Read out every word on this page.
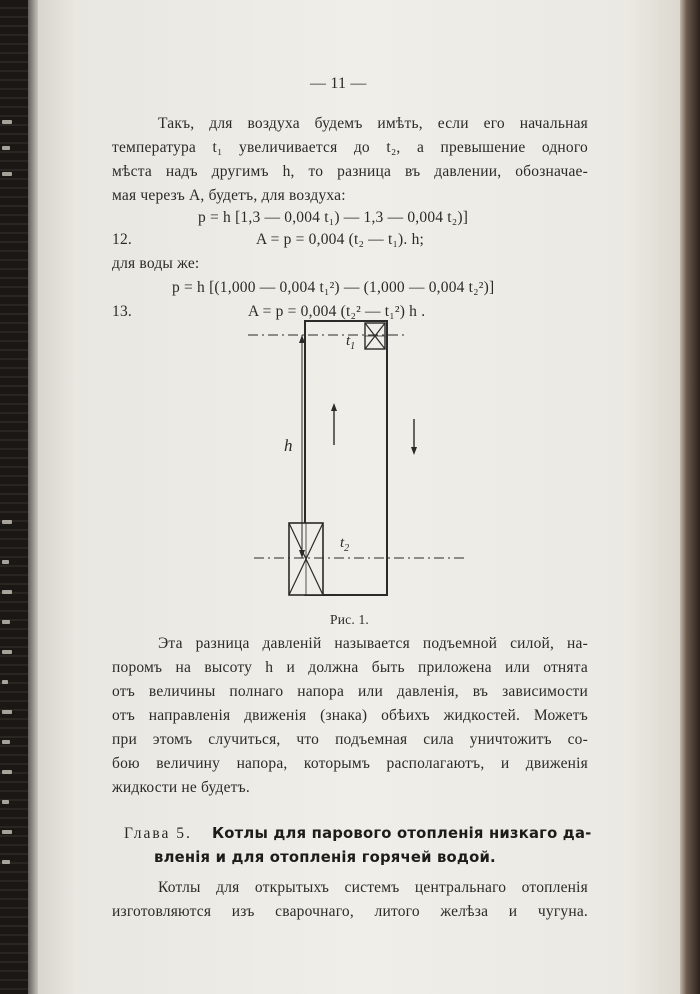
— 11 —
Такъ, для воздуха будемъ имѣть, если его начальная
температура t₁ увеличивается до t₂, а превышение одного
мѣста надъ другимъ h, то разница въ давлении, обозначае-
мая черезъ А, будетъ, для воздуха:
p = h [1,3 — 0,004 t₁) — 1,3 — 0,004 t₂)]
12.	A = p = 0,004 (t₂ — t₁). h;
для воды же:
p = h [(1,000 — 0,004 t₁²) — (1,000 — 0,004 t₂²)]
13.	A = p = 0,004 (t₂² — t₁²) h .
$t_1$
$t_2$
h
Рис. 1.
Эта разница давленій называется подъемной силой, на-
поромъ на высоту h и должна быть приложена или отнята
отъ величины полнаго напора или давленія, въ зависимости
отъ направленія движенія (знака) обѣихъ жидкостей. Можетъ
при этомъ случиться, что подъемная сила уничтожитъ со-
бою величину напора, которымъ располагаютъ, и движенія
жидкости не будетъ.
Глава 5. Котлы для парового отопленія низкаго да-
вленія и для отопленія горячей водой.
Котлы для открытыхъ системъ центральнаго отопленія
изготовляются изъ сварочнаго, литого желѣза и чугуна.
